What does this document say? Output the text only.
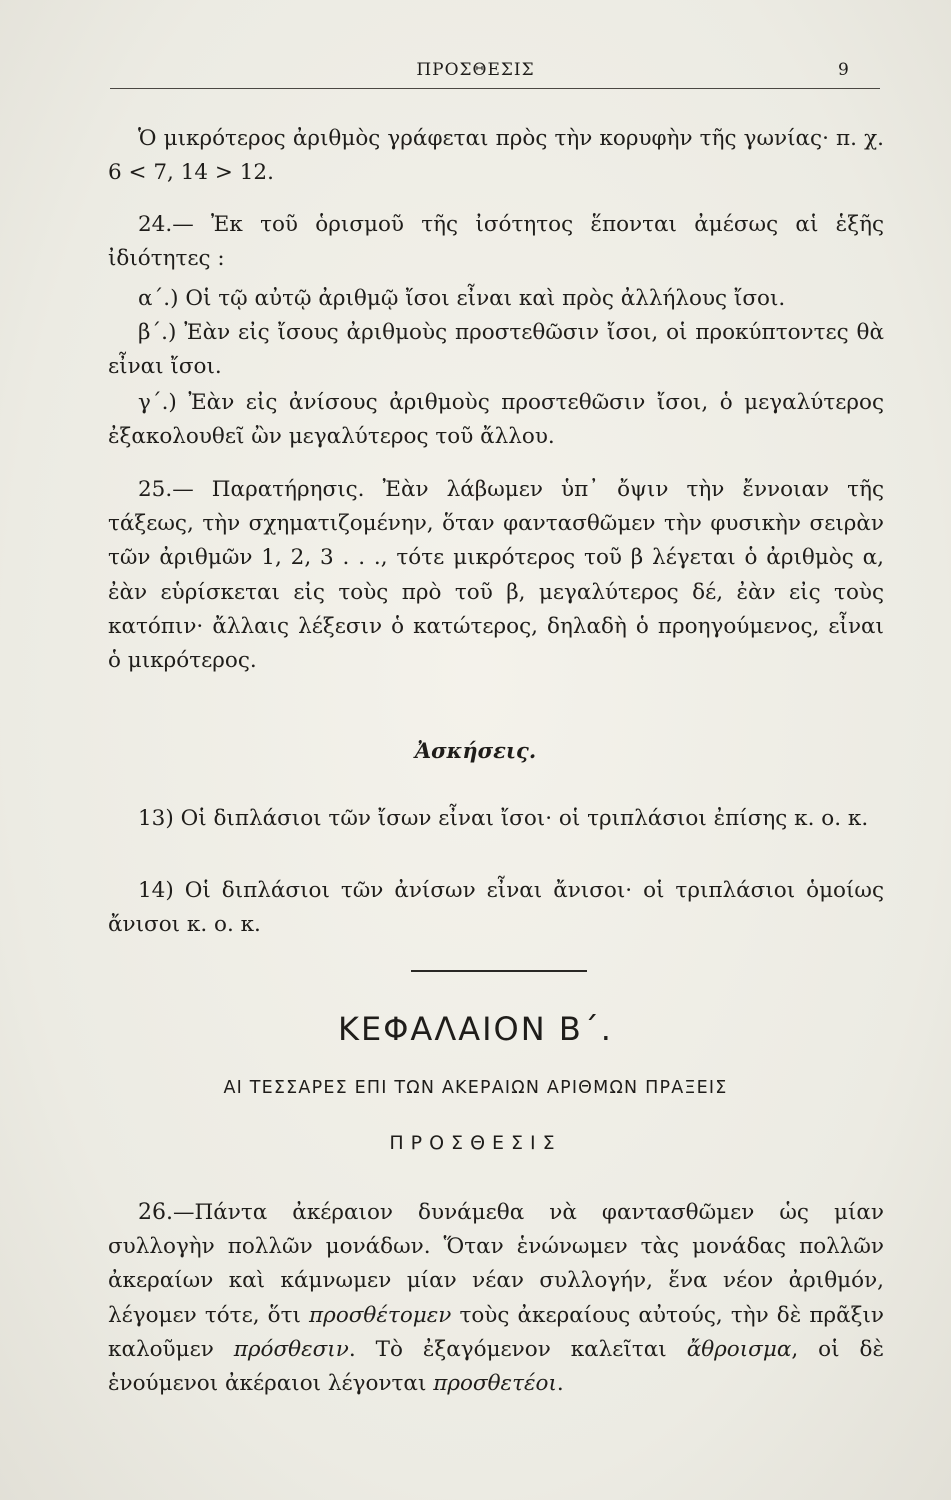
ΠΡΟΣΘΕΣΙΣ	9
Ὁ μικρότερος ἀριθμὸς γράφεται πρὸς τὴν κορυφὴν τῆς γωνίας· π. χ. 6 < 7, 14 > 12.
24.— Ἐκ τοῦ ὁρισμοῦ τῆς ἰσότητος ἕπονται ἀμέσως αἱ ἑξῆς ἰδιότητες :
α΄.) Οἱ τῷ αὐτῷ ἀριθμῷ ἴσοι εἶναι καὶ πρὸς ἀλλήλους ἴσοι.
β΄.) Ἐὰν εἰς ἴσους ἀριθμοὺς προστεθῶσιν ἴσοι, οἱ προκύπτοντες θὰ εἶναι ἴσοι.
γ΄.) Ἐὰν εἰς ἀνίσους ἀριθμοὺς προστεθῶσιν ἴσοι, ὁ μεγαλύτερος ἐξακολουθεῖ ὢν μεγαλύτερος τοῦ ἄλλου.
25.— Παρατήρησις. Ἐὰν λάβωμεν ὑπ᾿ ὄψιν τὴν ἔννοιαν τῆς τάξεως, τὴν σχηματιζομένην, ὅταν φαντασθῶμεν τὴν φυσικὴν σειρὰν τῶν ἀριθμῶν 1, 2, 3 . . ., τότε μικρότερος τοῦ β λέγεται ὁ ἀριθμὸς α, ἐὰν εὑρίσκεται εἰς τοὺς πρὸ τοῦ β, μεγαλύτερος δέ, ἐὰν εἰς τοὺς κατόπιν· ἄλλαις λέξεσιν ὁ κατώτερος, δηλαδὴ ὁ προηγούμενος, εἶναι ὁ μικρότερος.
Ἀσκήσεις.
13) Οἱ διπλάσιοι τῶν ἴσων εἶναι ἴσοι· οἱ τριπλάσιοι ἐπίσης κ. ο. κ.
14) Οἱ διπλάσιοι τῶν ἀνίσων εἶναι ἄνισοι· οἱ τριπλάσιοι ὁμοίως ἄνισοι κ. ο. κ.
ΚΕΦΑΛΑΙΟΝ Β΄.
ΑΙ ΤΕΣΣΑΡΕΣ ΕΠΙ ΤΩΝ ΑΚΕΡΑΙΩΝ ΑΡΙΘΜΩΝ ΠΡΑΞΕΙΣ
ΠΡΟΣΘΕΣΙΣ
26.—Πάντα ἀκέραιον δυνάμεθα νὰ φαντασθῶμεν ὡς μίαν συλλογὴν πολλῶν μονάδων. Ὅταν ἑνώνωμεν τὰς μονάδας πολλῶν ἀκεραίων καὶ κάμνωμεν μίαν νέαν συλλογήν, ἕνα νέον ἀριθμόν, λέγομεν τότε, ὅτι προσθέτομεν τοὺς ἀκεραίους αὐτούς, τὴν δὲ πρᾶξιν καλοῦμεν πρόσθεσιν. Τὸ ἐξαγόμενον καλεῖται ἄθροισμα, οἱ δὲ ἑνούμενοι ἀκέραιοι λέγονται προσθετέοι.
